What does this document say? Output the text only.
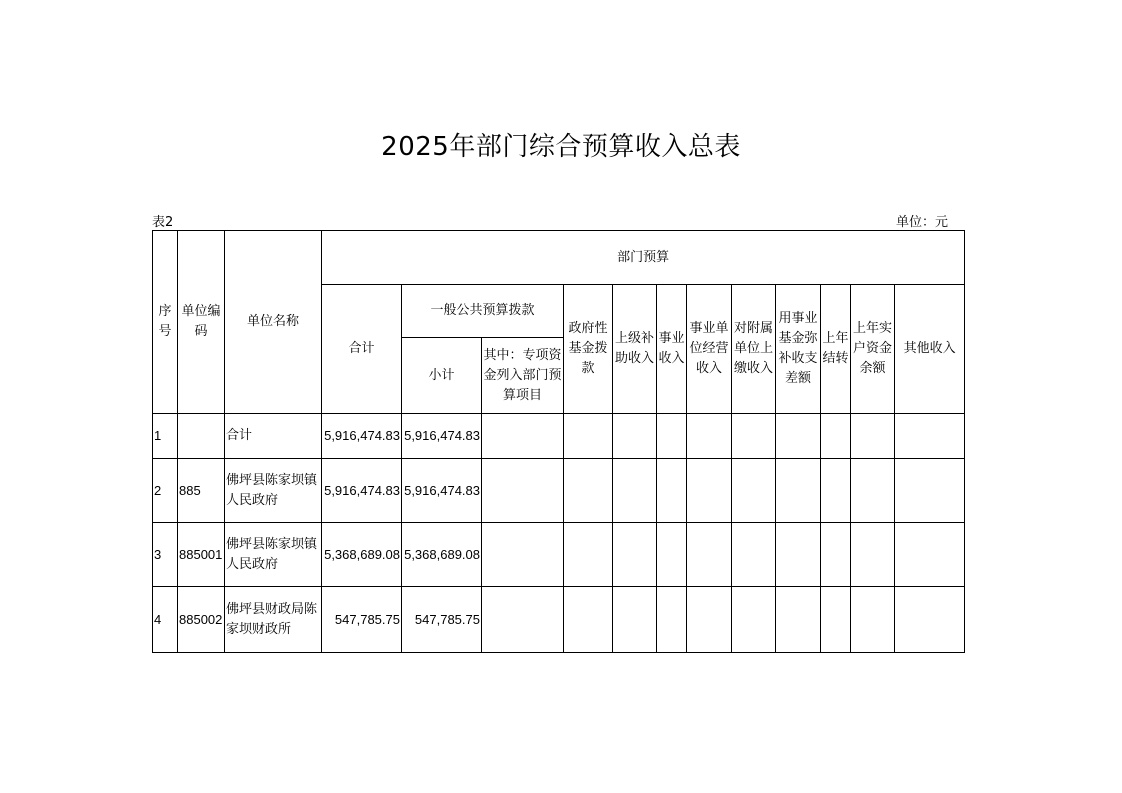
2025年部门综合预算收入总表
表2	单位：元
序号	单位编码	单位名称	部门预算											
			合计	一般公共预算拨款		政府性基金拨款	上级补助收入	事业收入	事业单位经营收入	对附属单位上缴收入	用事业基金弥补收支差额	上年结转	上年实户资金余额	其他收入
				小计	其中：专项资金列入部门预算项目									
1		合计	5,916,474.83	5,916,474.83										
2	885	佛坪县陈家坝镇人民政府	5,916,474.83	5,916,474.83										
3	885001	佛坪县陈家坝镇人民政府	5,368,689.08	5,368,689.08										
4	885002	佛坪县财政局陈家坝财政所	547,785.75	547,785.75										
